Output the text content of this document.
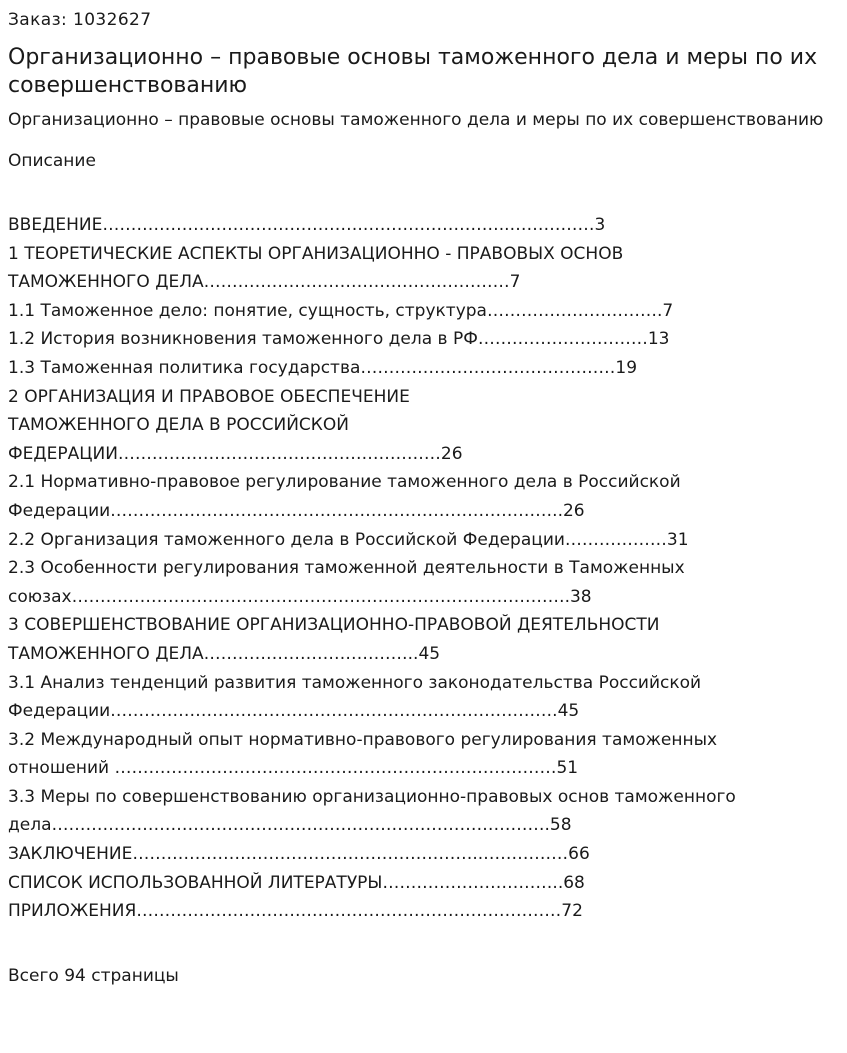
Заказ: 1032627
Организационно – правовые основы таможенного дела и меры по их совершенствованию
Организационно – правовые основы таможенного дела и меры по их совершенствованию
Описание
ВВЕДЕНИЕ……………………………………….……………………..……………3
1 ТЕОРЕТИЧЕСКИЕ АСПЕКТЫ ОРГАНИЗАЦИОННО - ПРАВОВЫХ ОСНОВ
ТАМОЖЕННОГО ДЕЛА………………………………………………7
1.1 Таможенное дело: понятие, сущность, структура………………………….7
1.2 История возникновения таможенного дела в РФ…………………………13
1.3 Таможенная политика государства………………………………………19
2 ОРГАНИЗАЦИЯ И ПРАВОВОЕ ОБЕСПЕЧЕНИЕ
ТАМОЖЕННОГО ДЕЛА В РОССИЙСКОЙ
ФЕДЕРАЦИИ…………………………………………………26
2.1 Нормативно-правовое регулирование таможенного дела в Российской
Федерации……………………………………………………………………..26
2.2 Организация таможенного дела в Российской Федерации………………31
2.3 Особенности регулирования таможенной деятельности в Таможенных
союзах…………………………………………………………………………….38
3 СОВЕРШЕНСТВОВАНИЕ ОРГАНИЗАЦИОННО-ПРАВОВОЙ ДЕЯТЕЛЬНОСТИ
ТАМОЖЕННОГО ДЕЛА………………………………..45
3.1 Анализ тенденций развития таможенного законодательства Российской
Федерации…………………………………………………………………….45
3.2 Международный опыт нормативно-правового регулирования таможенных
отношений ……………………………………………………………………51
3.3 Меры по совершенствованию организационно-правовых основ таможенного
дела…………………………………………………………………………….58
ЗАКЛЮЧЕНИЕ……………………………………………………..……………66
СПИСОК ИСПОЛЬЗОВАННОЙ ЛИТЕРАТУРЫ…………………………..68
ПРИЛОЖЕНИЯ…………………………………………………………………72
Всего 94 страницы
